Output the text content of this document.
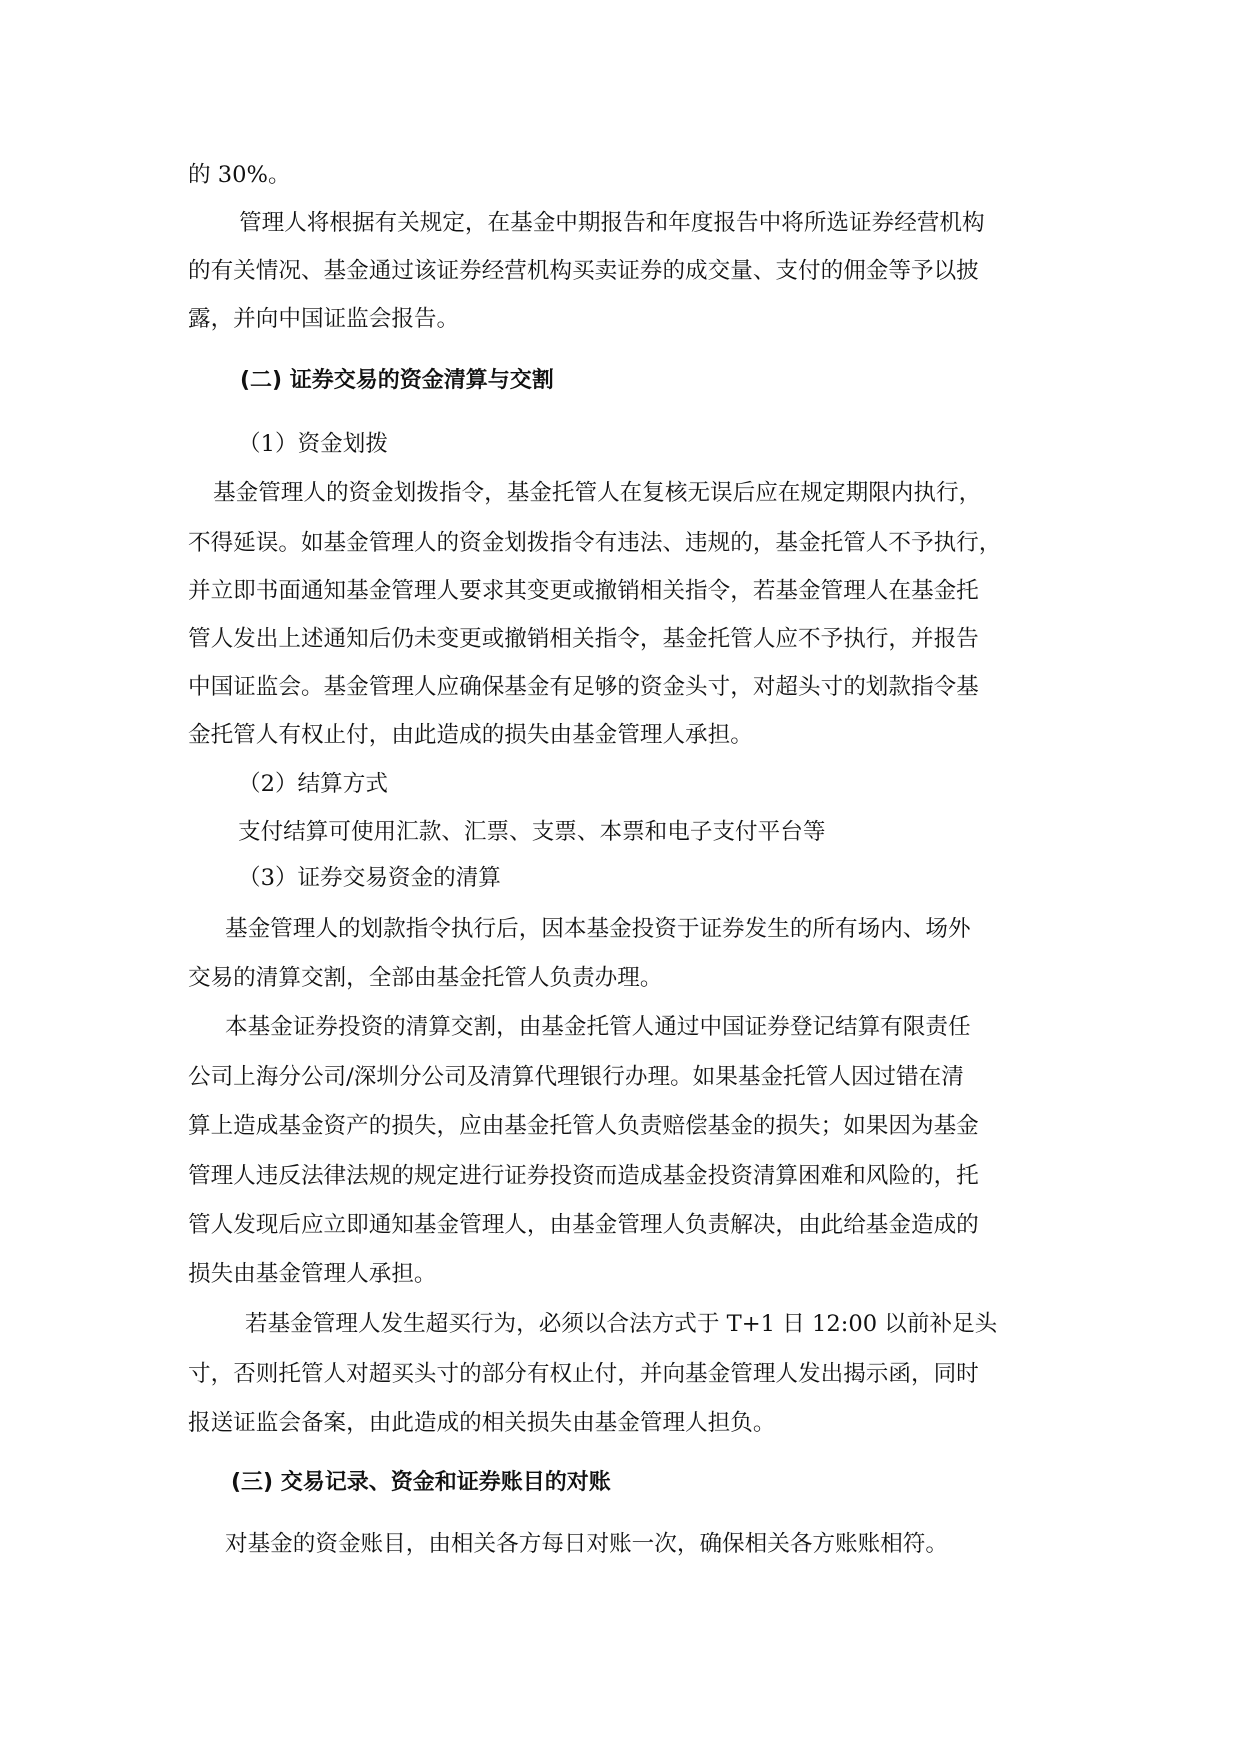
的 30%。
管理人将根据有关规定，在基金中期报告和年度报告中将所选证券经营机构
的有关情况、基金通过该证券经营机构买卖证券的成交量、支付的佣金等予以披
露，并向中国证监会报告。
(二) 证券交易的资金清算与交割
（1）资金划拨
基金管理人的资金划拨指令，基金托管人在复核无误后应在规定期限内执行，
不得延误。如基金管理人的资金划拨指令有违法、违规的，基金托管人不予执行，
并立即书面通知基金管理人要求其变更或撤销相关指令，若基金管理人在基金托
管人发出上述通知后仍未变更或撤销相关指令，基金托管人应不予执行，并报告
中国证监会。基金管理人应确保基金有足够的资金头寸，对超头寸的划款指令基
金托管人有权止付，由此造成的损失由基金管理人承担。
（2）结算方式
支付结算可使用汇款、汇票、支票、本票和电子支付平台等
（3）证券交易资金的清算
基金管理人的划款指令执行后，因本基金投资于证券发生的所有场内、场外
交易的清算交割，全部由基金托管人负责办理。
本基金证券投资的清算交割，由基金托管人通过中国证券登记结算有限责任
公司上海分公司/深圳分公司及清算代理银行办理。如果基金托管人因过错在清
算上造成基金资产的损失，应由基金托管人负责赔偿基金的损失；如果因为基金
管理人违反法律法规的规定进行证券投资而造成基金投资清算困难和风险的，托
管人发现后应立即通知基金管理人，由基金管理人负责解决，由此给基金造成的
损失由基金管理人承担。
若基金管理人发生超买行为，必须以合法方式于 T+1 日 12:00 以前补足头
寸，否则托管人对超买头寸的部分有权止付，并向基金管理人发出揭示函，同时
报送证监会备案，由此造成的相关损失由基金管理人担负。
(三) 交易记录、资金和证券账目的对账
对基金的资金账目，由相关各方每日对账一次，确保相关各方账账相符。
